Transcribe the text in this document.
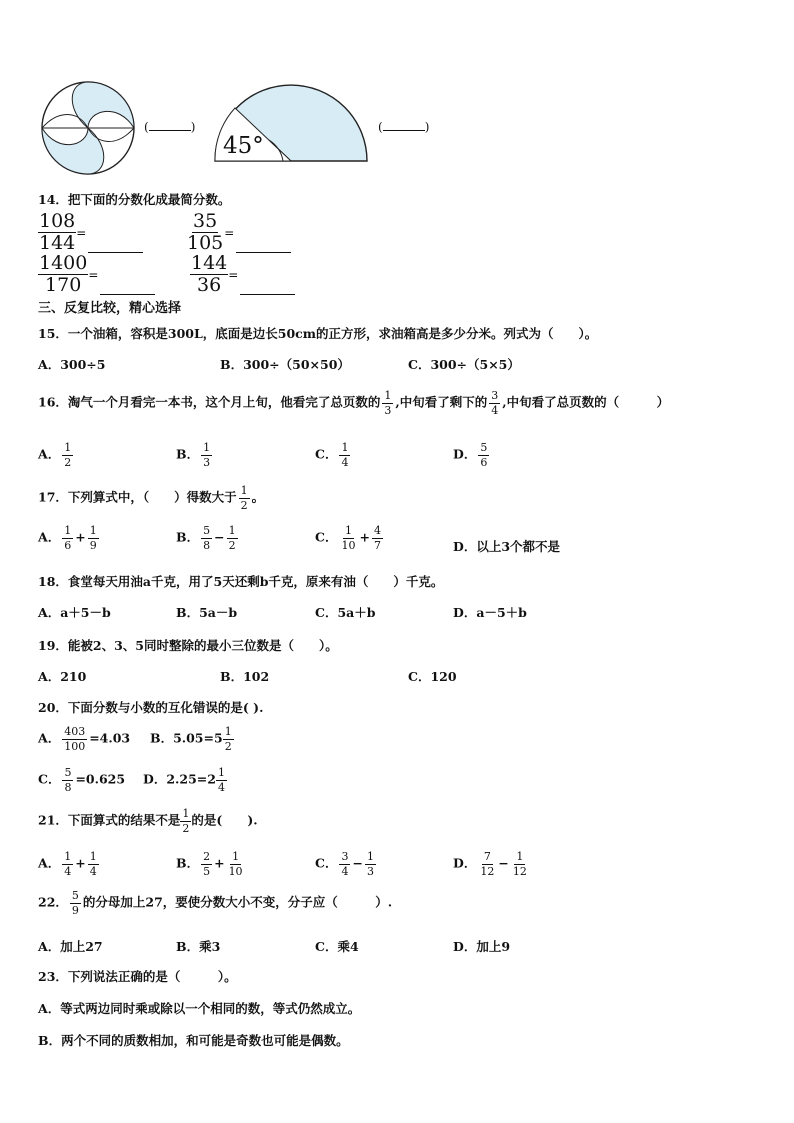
(	)
45°
(	)
14．把下面的分数化成最简分数。
$\frac{108}{144}$ =	$\frac{35}{105}$ =
$\frac{1400}{170}$ =	$\frac{144}{36}$ =
三、反复比较，精心选择
15．一个油箱，容积是300L，底面是边长50cm的正方形，求油箱高是多少分米。列式为（　　）。
A．300÷5	B．300÷（50×50）	C．300÷（5×5）
16．淘气一个月看完一本书，这个月上旬，他看完了总页数的 $\frac{1}{3}$ ,中旬看了剩下的 $\frac{3}{4}$ ,中旬看了总页数的（　　　）
A． $\frac{1}{2}$	B． $\frac{1}{3}$	C． $\frac{1}{4}$	D． $\frac{5}{6}$
17．下列算式中，（　　）得数大于 $\frac{1}{2}$ 。
A． $\frac{1}{6} + \frac{1}{9}$	B． $\frac{5}{8} - \frac{1}{2}$	C． $\frac{1}{10} + \frac{4}{7}$	D．以上3个都不是
18．食堂每天用油a千克，用了5天还剩b千克，原来有油（　　）千克。
A．a＋5－b	B．5a－b	C．5a＋b	D．a－5＋b
19．能被2、3、5同时整除的最小三位数是（　　）。
A．210	B．102	C．120
20．下面分数与小数的互化错误的是( ).
A． $\frac{403}{100} =4.03$ B．$5.05=5 \frac{1}{2}$
C． $\frac{5}{8} =0.625$ D．$2.25=2 \frac{1}{4}$
21．下面算式的结果不是 $\frac{1}{2}$ 的是(　　).
A． $\frac{1}{4} + \frac{1}{4}$	B． $\frac{2}{5} + \frac{1}{10}$	C． $\frac{3}{4} - \frac{1}{3}$	D． $\frac{7}{12} - \frac{1}{12}$
22． $\frac{5}{9}$ 的分母加上27，要使分数大小不变，分子应（　　　）.
A．加上27	B．乘3	C．乘4	D．加上9
23．下列说法正确的是（　　　）。
A．等式两边同时乘或除以一个相同的数，等式仍然成立。
B．两个不同的质数相加，和可能是奇数也可能是偶数。
